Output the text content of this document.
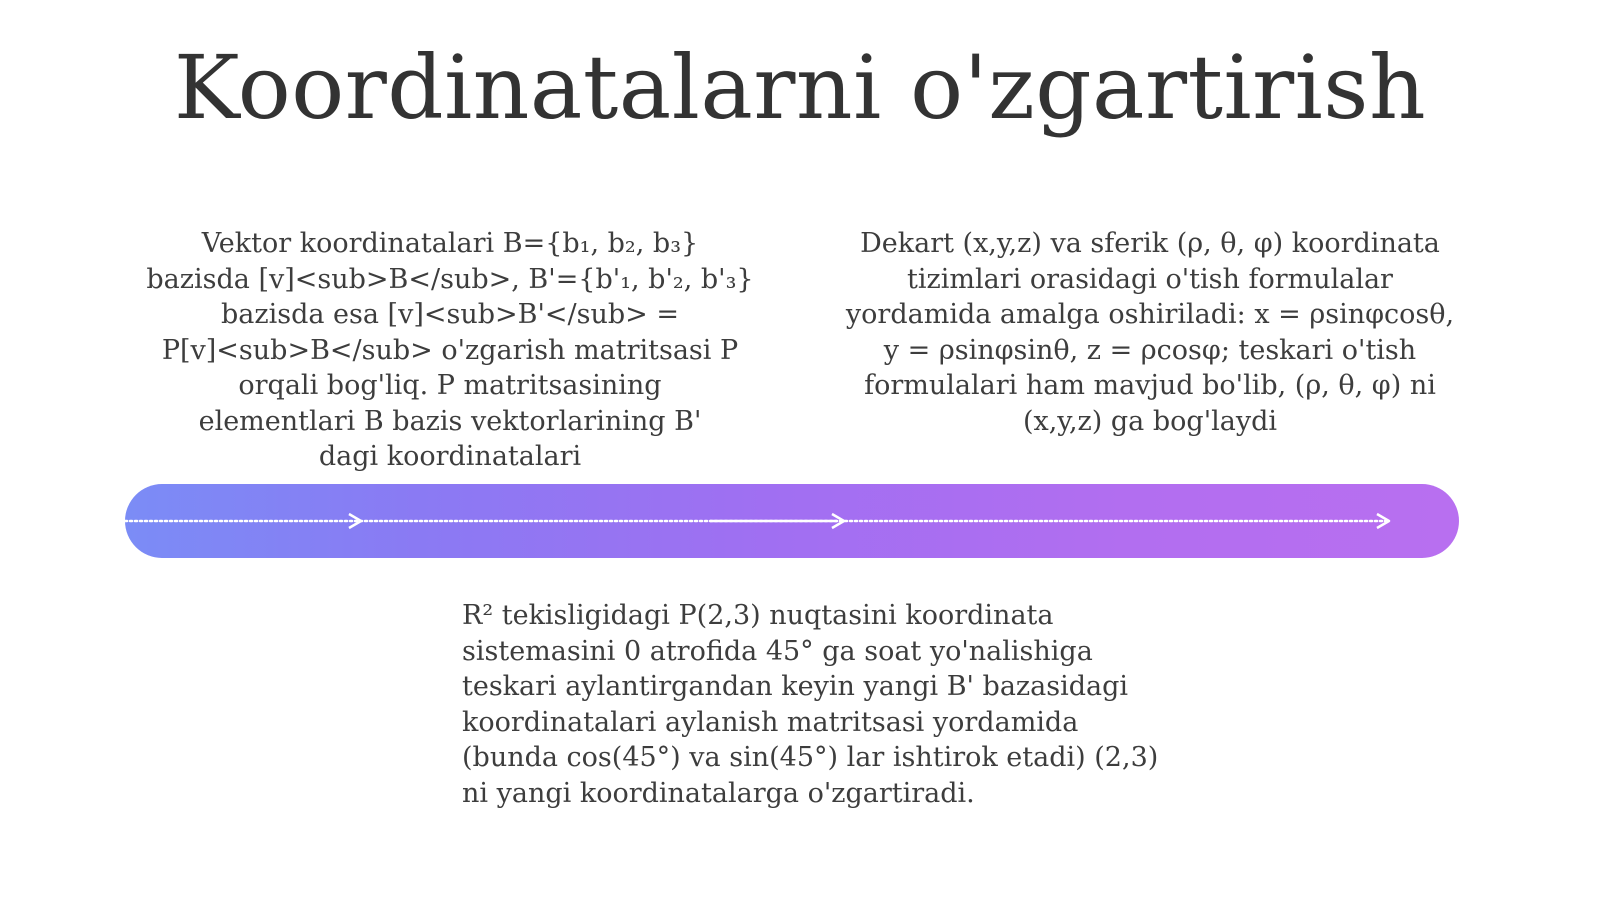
Koordinatalarni o'zgartirish
Vektor koordinatalari B={b₁, b₂, b₃}
bazisda [v]<sub>B</sub>, B'={b'₁, b'₂, b'₃}
bazisda esa [v]<sub>B'</sub> =
P[v]<sub>B</sub> o'zgarish matritsasi P
orqali bog'liq. P matritsasining
elementlari B bazis vektorlarining B'
dagi koordinatalari
Dekart (x,y,z) va sferik (ρ, θ, φ) koordinata
tizimlari orasidagi o'tish formulalar
yordamida amalga oshiriladi: x = ρsinφcosθ,
y = ρsinφsinθ, z = ρcosφ; teskari o'tish
formulalari ham mavjud bo'lib, (ρ, θ, φ) ni
(x,y,z) ga bog'laydi
R² tekisligidagi P(2,3) nuqtasini koordinata
sistemasini 0 atrofida 45° ga soat yo'nalishiga
teskari aylantirgandan keyin yangi B' bazasidagi
koordinatalari aylanish matritsasi yordamida
(bunda cos(45°) va sin(45°) lar ishtirok etadi) (2,3)
ni yangi koordinatalarga o'zgartiradi.
